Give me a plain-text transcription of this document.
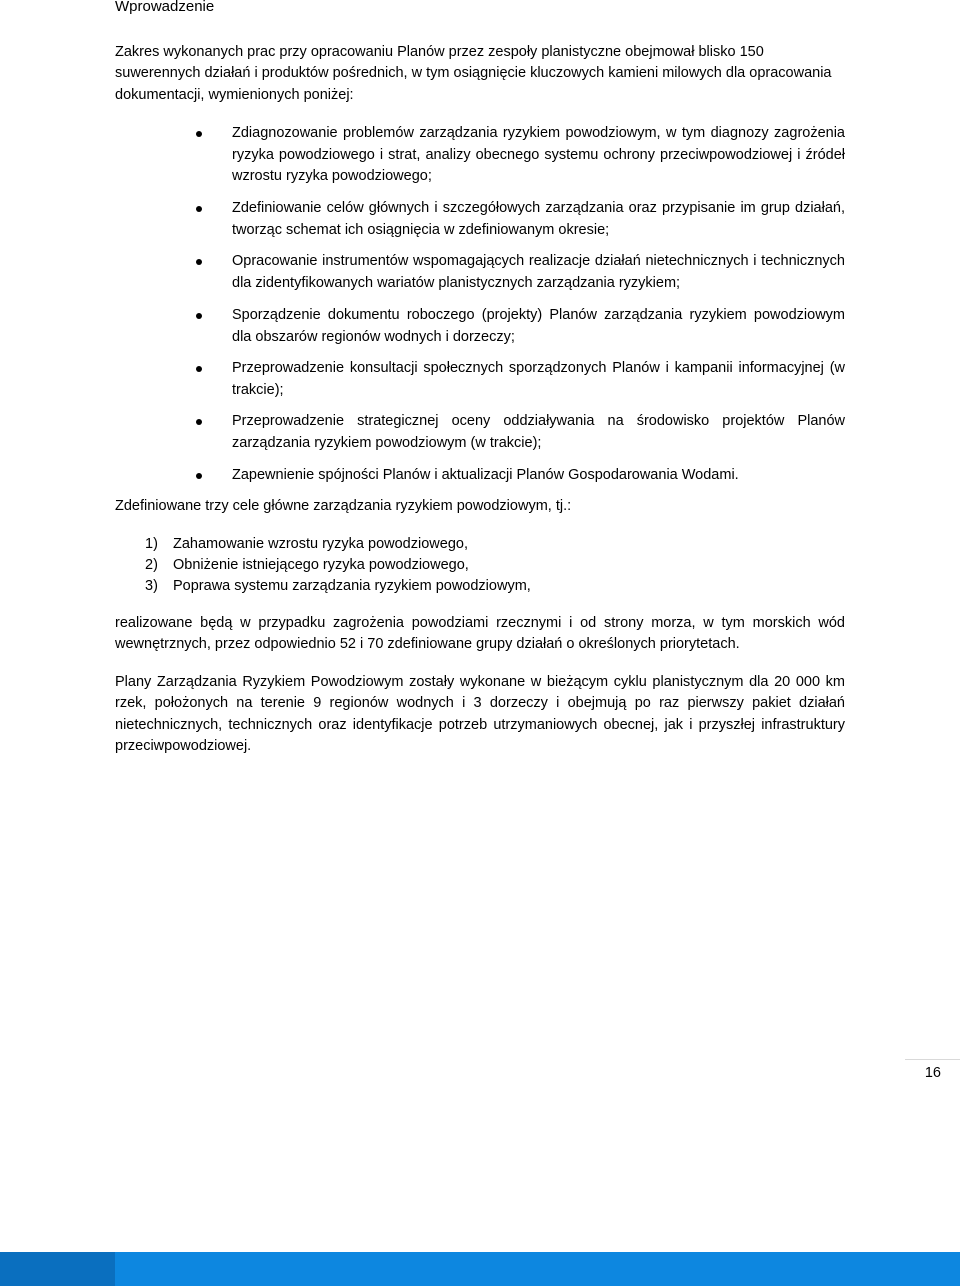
Wprowadzenie

Zakres wykonanych prac przy opracowaniu Planów przez zespoły planistyczne obejmował blisko 150 suwerennych działań i produktów pośrednich, w tym osiągnięcie kluczowych kamieni milowych dla opracowania dokumentacji, wymienionych poniżej:

Zdiagnozowanie problemów zarządzania ryzykiem powodziowym, w tym diagnozy zagrożenia ryzyka powodziowego i strat, analizy obecnego systemu ochrony przeciwpowodziowej i źródeł wzrostu ryzyka powodziowego;
Zdefiniowanie celów głównych i szczegółowych zarządzania oraz przypisanie im grup działań, tworząc schemat ich osiągnięcia w zdefiniowanym okresie;
Opracowanie instrumentów wspomagających realizacje działań nietechnicznych i technicznych dla zidentyfikowanych wariatów planistycznych zarządzania ryzykiem;
Sporządzenie dokumentu roboczego (projekty) Planów zarządzania ryzykiem powodziowym dla obszarów regionów wodnych i dorzeczy;
Przeprowadzenie konsultacji społecznych sporządzonych Planów i kampanii informacyjnej (w trakcie);
Przeprowadzenie strategicznej oceny oddziaływania na środowisko projektów Planów zarządzania ryzykiem powodziowym (w trakcie);
Zapewnienie spójności Planów i aktualizacji Planów Gospodarowania Wodami.

Zdefiniowane trzy cele główne zarządzania ryzykiem powodziowym, tj.:

1) Zahamowanie wzrostu ryzyka powodziowego,
2) Obniżenie istniejącego ryzyka powodziowego,
3) Poprawa systemu zarządzania ryzykiem powodziowym,

realizowane będą w przypadku zagrożenia powodziami rzecznymi i od strony morza, w tym morskich wód wewnętrznych, przez odpowiednio 52 i 70 zdefiniowane grupy działań o określonych priorytetach.

Plany Zarządzania Ryzykiem Powodziowym zostały wykonane w bieżącym cyklu planistycznym dla 20 000 km rzek, położonych na terenie 9 regionów wodnych i 3 dorzeczy i obejmują po raz pierwszy pakiet działań nietechnicznych, technicznych oraz identyfikacje potrzeb utrzymaniowych obecnej, jak i przyszłej infrastruktury przeciwpowodziowej.

16
